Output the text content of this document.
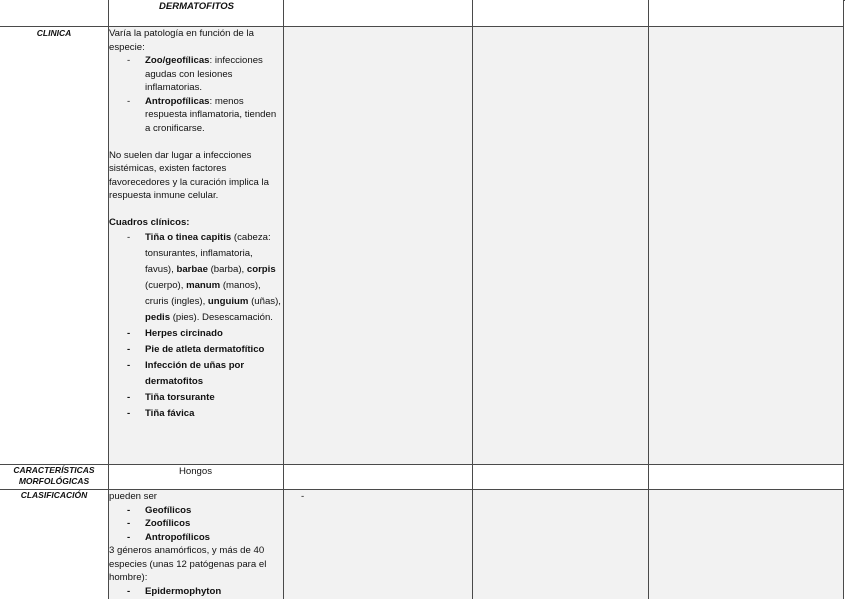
DERMATOFITOS
CLINICA	Varía la patología en función de la especie:

- Zoo/geofílicas: infecciones agudas con lesiones inflamatorias.
- Antropofílicas: menos respuesta inflamatoria, tienden a cronificarse.

No suelen dar lugar a infecciones sistémicas, existen factores favorecedores y la curación implica la respuesta inmune celular.

Cuadros clínicos:

- Tiña o tinea capitis (cabeza: tonsurantes, inflamatoria, favus), barbae (barba), corpis (cuerpo), manum (manos), cruris (ingles), unguium (uñas), pedis (pies). Desescamación.
- Herpes circinado
- Pie de atleta dermatofítico
- Infección de uñas por dermatofitos
- Tiña torsurante
- Tiña fávica
CARACTERÍSTICAS MORFOLÓGICAS
Hongos
CLASIFICACIÓN	pueden ser

- Geofílicos
- Zoofílicos
- Antropofílicos

3 géneros anamórficos, y más de 40 especies (unas 12 patógenas para el hombre):

- Epidermophyton
-
